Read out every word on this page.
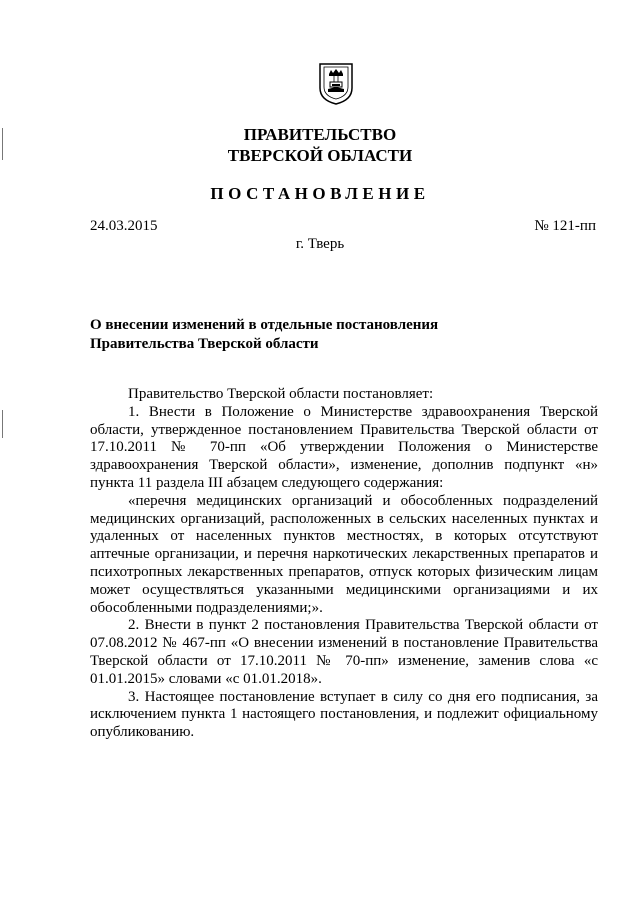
ПРАВИТЕЛЬСТВО
ТВЕРСКОЙ ОБЛАСТИ
ПОСТАНОВЛЕНИЕ
24.03.2015	№ 121-пп
г. Тверь
О внесении изменений в отдельные постановления
Правительства Тверской области

Правительство Тверской области постановляет:

1. Внести в Положение о Министерстве здравоохранения Тверской области, утвержденное постановлением Правительства Тверской области от 17.10.2011 № 70-пп «Об утверждении Положения о Министерстве здравоохранения Тверской области», изменение, дополнив подпункт «н» пункта 11 раздела III абзацем следующего содержания:

«перечня медицинских организаций и обособленных подразделений медицинских организаций, расположенных в сельских населенных пунктах и удаленных от населенных пунктов местностях, в которых отсутствуют аптечные организации, и перечня наркотических лекарственных препаратов и психотропных лекарственных препаратов, отпуск которых физическим лицам может осуществляться указанными медицинскими организациями и их обособленными подразделениями;».

2. Внести в пункт 2 постановления Правительства Тверской области от 07.08.2012 № 467-пп «О внесении изменений в постановление Правительства Тверской области от 17.10.2011 № 70-пп» изменение, заменив слова «с 01.01.2015» словами «с 01.01.2018».

3. Настоящее постановление вступает в силу со дня его подписания, за исключением пункта 1 настоящего постановления, и подлежит официальному опубликованию.
